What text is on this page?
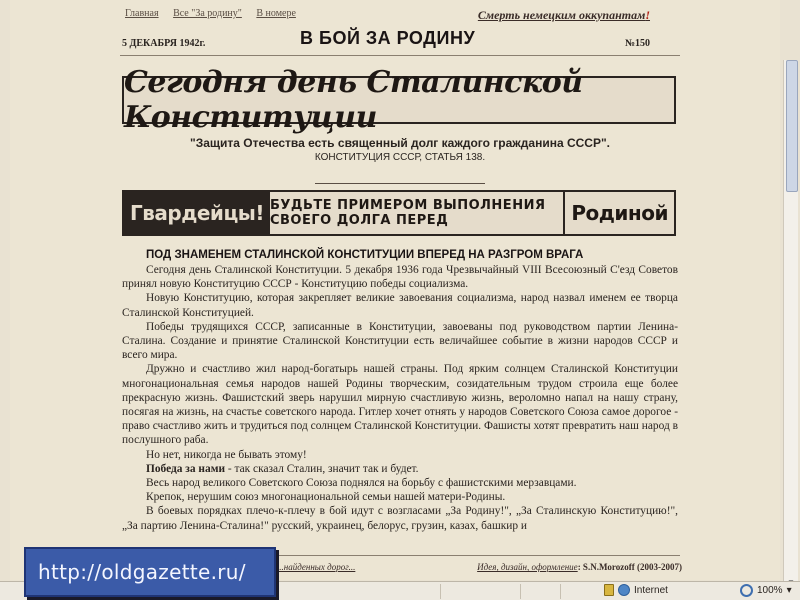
Главная Все "За родину" В номере	Смерть немецким оккупантам!
5 ДЕКАБРЯ 1942г.	В БОЙ ЗА РОДИНУ	№150
Сегодня день Сталинской Конституции
"Защита Отечества есть священный долг каждого гражданина СССР".
КОНСТИТУЦИЯ СССР, СТАТЬЯ 138.
Гвардейцы! БУДЬТЕ ПРИМЕРОМ ВЫПОЛНЕНИЯ СВОЕГО ДОЛГА ПЕРЕД	Родиной
ПОД ЗНАМЕНЕМ СТАЛИНСКОЙ КОНСТИТУЦИИ ВПЕРЕД НА РАЗГРОМ ВРАГА

Сегодня день Сталинской Конституции. 5 декабря 1936 года Чрезвычайный VIII Всесоюзный С'езд Советов принял новую Конституцию СССР - Конституцию победы социализма.

Новую Конституцию, которая закрепляет великие завоевания социализма, народ назвал именем ее творца Сталинской Конституцией.

Победы трудящихся СССР, записанные в Конституции, завоеваны под руководством партии Ленина-Сталина. Создание и принятие Сталинской Конституции есть величайшее событие в жизни народов СССР и всего мира.

Дружно и счастливо жил народ-богатырь нашей страны. Под ярким солнцем Сталинской Конституции многонациональная семья народов нашей Родины творческим, созидательным трудом строила еще более прекрасную жизнь. Фашистский зверь нарушил мирную счастливую жизнь, вероломно напал на нашу страну, посягая на жизнь, на счастье советского народа. Гитлер хочет отнять у народов Советского Союза самое дорогое - право счастливо жить и трудиться под солнцем Сталинской Конституции. Фашисты хотят превратить наш народ в послушного раба.

Но нет, никогда не бывать этому!

Победа за нами - так сказал Сталин, значит так и будет.

Весь народ великого Советского Союза поднялся на борьбу с фашистскими мерзавцами.

Крепок, нерушим союз многонациональной семьи нашей матери-Родины.

В боевых порядках плечо-к-плечу в бой идут с возгласами „За Родину!", „За Сталинскую Конституцию!", „За партию Ленина-Сталина!" русский, украинец, белорус, грузин, казах, башкир и

...найденных дорог...	Идея, дизайн, оформление: S.N.Morozoff (2003-2007)
Internet	100% ▾
http://oldgazette.ru/
